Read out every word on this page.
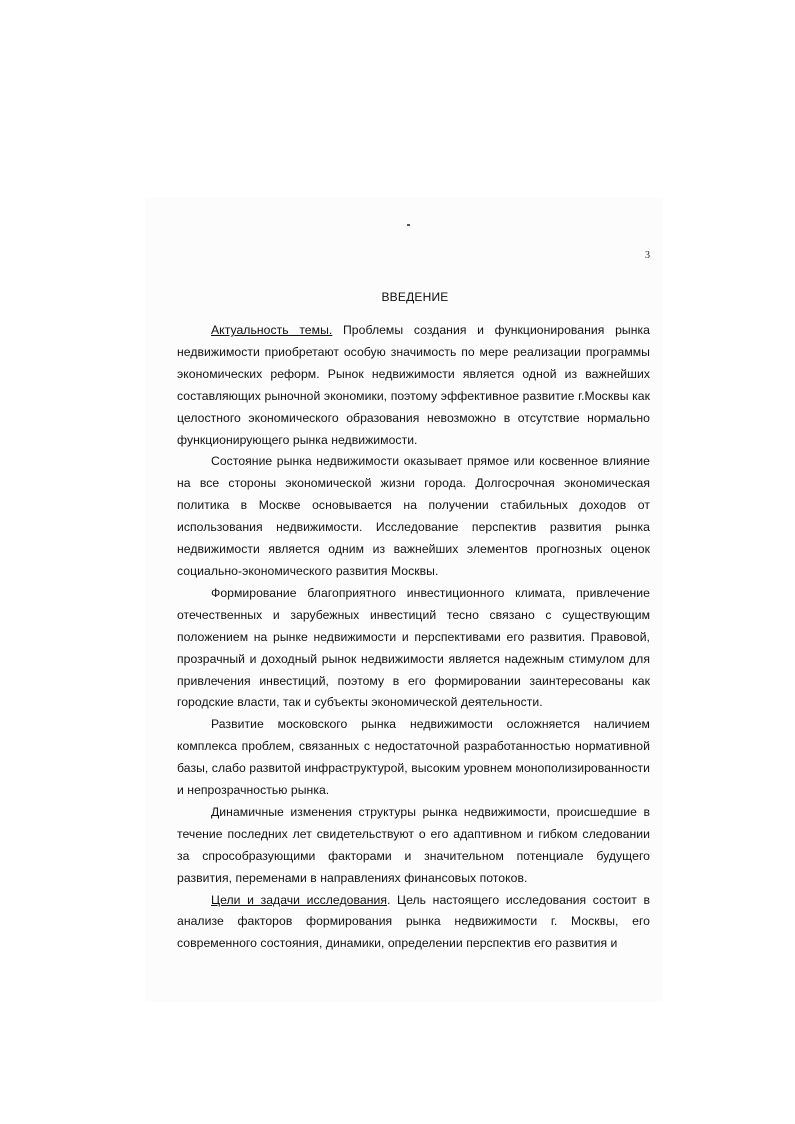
3
ВВЕДЕНИЕ

Актуальность темы. Проблемы создания и функционирования рынка недвижимости приобретают особую значимость по мере реализации программы экономических реформ. Рынок недвижимости является одной из важнейших составляющих рыночной экономики, поэтому эффективное развитие г.Москвы как целостного экономического образования невозможно в отсутствие нормально функционирующего рынка недвижимости.

Состояние рынка недвижимости оказывает прямое или косвенное влияние на все стороны экономической жизни города. Долгосрочная экономическая политика в Москве основывается на получении стабильных доходов от использования недвижимости. Исследование перспектив развития рынка недвижимости является одним из важнейших элементов прогнозных оценок социально-экономического развития Москвы.

Формирование благоприятного инвестиционного климата, привлечение отечественных и зарубежных инвестиций тесно связано с существующим положением на рынке недвижимости и перспективами его развития. Правовой, прозрачный и доходный рынок недвижимости является надежным стимулом для привлечения инвестиций, поэтому в его формировании заинтересованы как городские власти, так и субъекты экономической деятельности.

Развитие московского рынка недвижимости осложняется наличием комплекса проблем, связанных с недостаточной разработанностью нормативной базы, слабо развитой инфраструктурой, высоким уровнем монополизированности и непрозрачностью рынка.

Динамичные изменения структуры рынка недвижимости, происшедшие в течение последних лет свидетельствуют о его адаптивном и гибком следовании за спрособразующими факторами и значительном потенциале будущего развития, переменами в направлениях финансовых потоков.

Цели и задачи исследования. Цель настоящего исследования состоит в анализе факторов формирования рынка недвижимости г. Москвы, его современного состояния, динамики, определении перспектив его развития и
